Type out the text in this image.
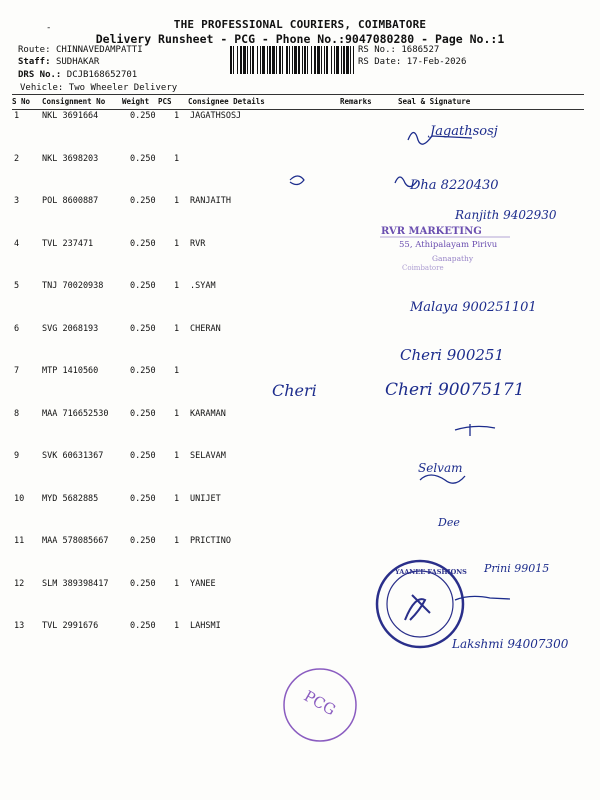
-	THE PROFESSIONAL COURIERS, COIMBATORE
Delivery Runsheet - PCG - Phone No.:9047080280 - Page No.:1
Route: CHINNAVEDAMPATTI
Staff: SUDHAKAR
DRS No.: DCJB168652701
RS No.: 1686527
RS Date: 17-Feb-2026
Vehicle: Two Wheeler Delivery
S No Consignment No Weight PCS Consignee Details	Remarks	Seal & Signature
1	NKL 3691664	0.250 1 JAGATHSOSJ
2	NKL 3698203	0.250 1
3	POL 8600887	0.250 1 RANJAITH
4	TVL 237471	0.250 1 RVR
5	TNJ 70020938	0.250 1 .SYAM
6	SVG 2068193	0.250 1 CHERAN
7	MTP 1410560	0.250 1
8	MAA 716652530	0.250 1 KARAMAN
9	SVK 60631367	0.250 1 SELAVAM
10 MYD 5682885	0.250 1 UNIJET
11 MAA 578085667	0.250 1 PRICTINO
12 SLM 389398417	0.250 1 YANEE
13 TVL 2991676	0.250 1 LAHSMI
RVR MARKETING
55, Athipalayam Pirivu
Ganapathy
Coimbatore
YAANEE FASHIONS
PCG
Jagathsosj
Dha 8220430
Ranjith 9402930
Malaya 900251101
Cheri 900251
Cheri 90075171
Cheri
Selvam
Dee
Prini 99015
Lakshmi 94007300
